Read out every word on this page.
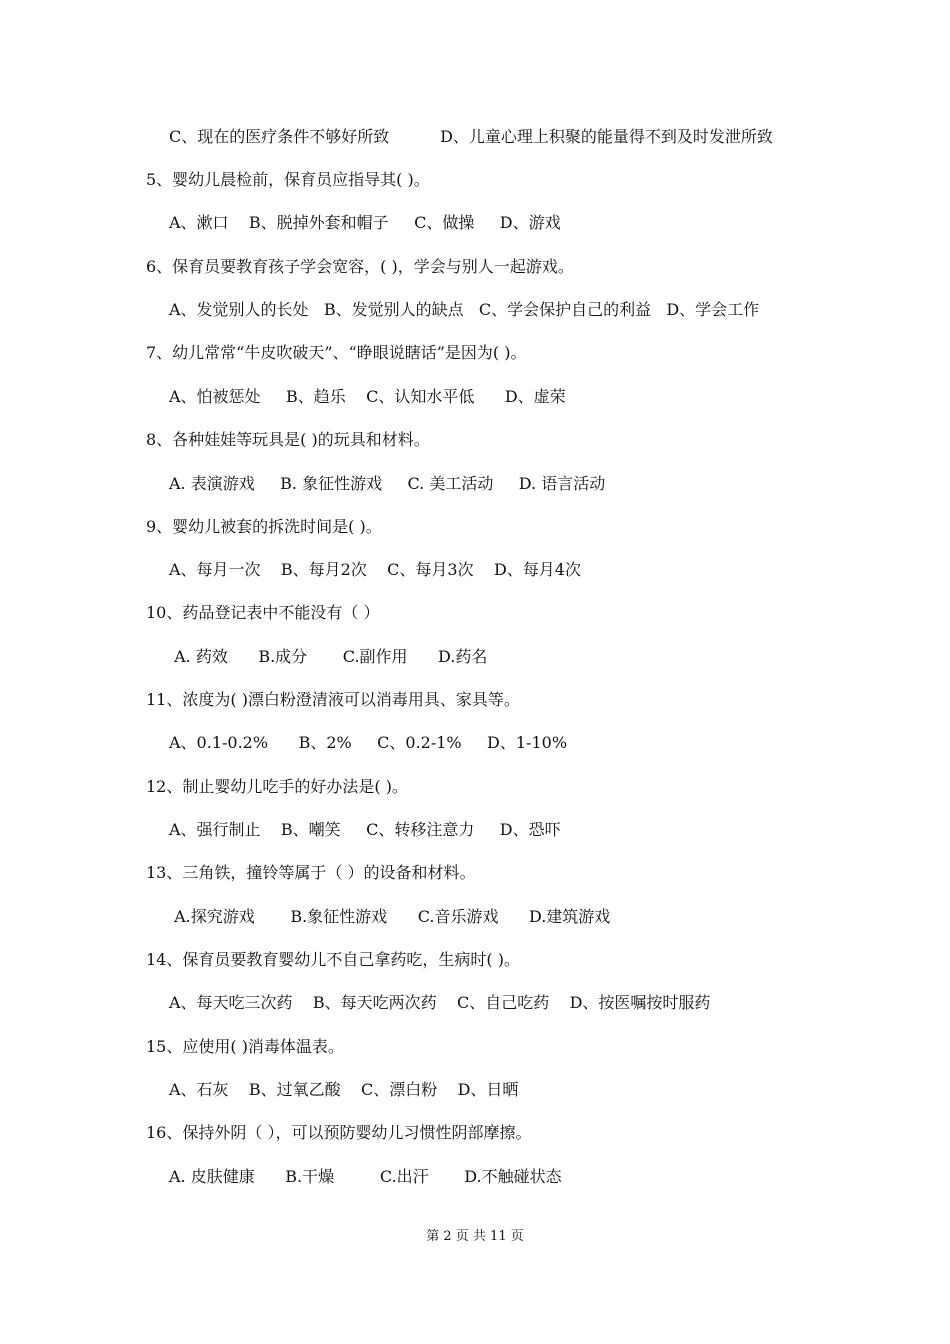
C、现在的医疗条件不够好所致          D、儿童心理上积聚的能量得不到及时发泄所致
5、婴幼儿晨检前，保育员应指导其( )。
A、漱口    B、脱掉外套和帽子     C、做操     D、游戏
6、保育员要教育孩子学会宽容，( )，学会与别人一起游戏。
A、发觉别人的长处   B、发觉别人的缺点   C、学会保护自己的利益   D、学会工作
7、幼儿常常“牛皮吹破天”、“睁眼说瞎话”是因为( )。
A、怕被惩处     B、趋乐    C、认知水平低      D、虚荣
8、各种娃娃等玩具是( )的玩具和材料。
A. 表演游戏     B. 象征性游戏     C. 美工活动     D. 语言活动
9、婴幼儿被套的拆洗时间是( )。
A、每月一次    B、每月2次    C、每月3次    D、每月4次
10、药品登记表中不能没有（ ）
A. 药效      B.成分       C.副作用      D.药名
11、浓度为( )漂白粉澄清液可以消毒用具、家具等。
A、0.1-0.2%      B、2%     C、0.2-1%     D、1-10%
12、制止婴幼儿吃手的好办法是( )。
A、强行制止    B、嘲笑     C、转移注意力     D、恐吓
13、三角铁，撞铃等属于（ ）的设备和材料。
A.探究游戏       B.象征性游戏      C.音乐游戏      D.建筑游戏
14、保育员要教育婴幼儿不自己拿药吃，生病时( )。
A、每天吃三次药    B、每天吃两次药    C、自己吃药    D、按医嘱按时服药
15、应使用( )消毒体温表。
A、石灰    B、过氧乙酸    C、漂白粉    D、日晒
16、保持外阴（ ），可以预防婴幼儿习惯性阴部摩擦。
A. 皮肤健康      B.干燥         C.出汗       D.不触碰状态
第 2 页 共 11 页
